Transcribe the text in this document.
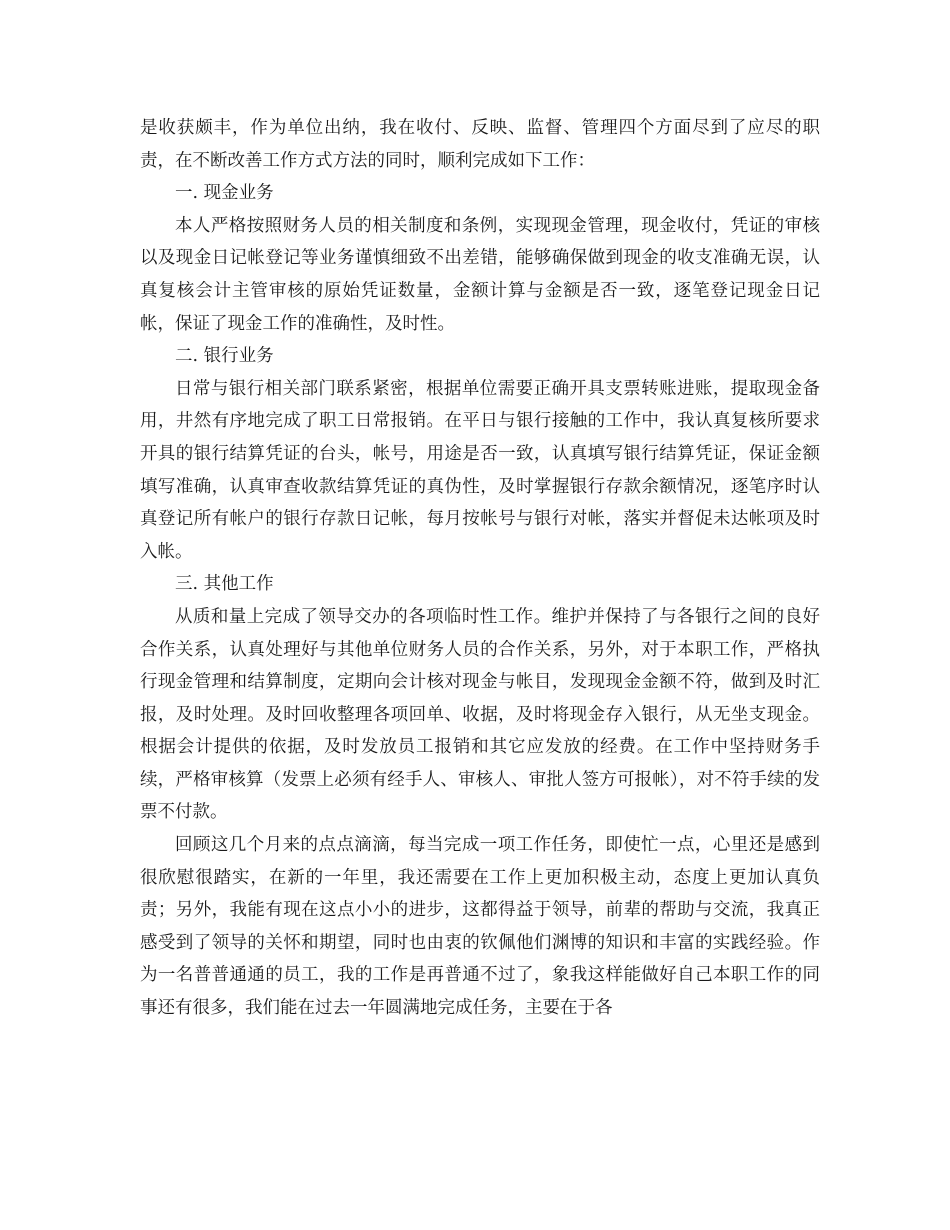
是收获颇丰，作为单位出纳，我在收付、反映、监督、管理四个方面尽到了应尽的职责，在不断改善工作方式方法的同时，顺利完成如下工作：

一. 现金业务

本人严格按照财务人员的相关制度和条例，实现现金管理，现金收付，凭证的审核以及现金日记帐登记等业务谨慎细致不出差错，能够确保做到现金的收支准确无误，认真复核会计主管审核的原始凭证数量，金额计算与金额是否一致，逐笔登记现金日记帐，保证了现金工作的准确性，及时性。

二. 银行业务

日常与银行相关部门联系紧密，根据单位需要正确开具支票转账进账，提取现金备用，井然有序地完成了职工日常报销。在平日与银行接触的工作中，我认真复核所要求开具的银行结算凭证的台头，帐号，用途是否一致，认真填写银行结算凭证，保证金额填写准确，认真审查收款结算凭证的真伪性，及时掌握银行存款余额情况，逐笔序时认真登记所有帐户的银行存款日记帐，每月按帐号与银行对帐，落实并督促未达帐项及时入帐。

三. 其他工作

从质和量上完成了领导交办的各项临时性工作。维护并保持了与各银行之间的良好合作关系，认真处理好与其他单位财务人员的合作关系，另外，对于本职工作，严格执行现金管理和结算制度，定期向会计核对现金与帐目，发现现金金额不符，做到及时汇报，及时处理。及时回收整理各项回单、收据，及时将现金存入银行，从无坐支现金。根据会计提供的依据，及时发放员工报销和其它应发放的经费。在工作中坚持财务手续，严格审核算（发票上必须有经手人、审核人、审批人签方可报帐），对不符手续的发票不付款。

回顾这几个月来的点点滴滴，每当完成一项工作任务，即使忙一点，心里还是感到很欣慰很踏实，在新的一年里，我还需要在工作上更加积极主动，态度上更加认真负责；另外，我能有现在这点小小的进步，这都得益于领导，前辈的帮助与交流，我真正感受到了领导的关怀和期望，同时也由衷的钦佩他们渊博的知识和丰富的实践经验。作为一名普普通通的员工，我的工作是再普通不过了，象我这样能做好自己本职工作的同事还有很多，我们能在过去一年圆满地完成任务，主要在于各
